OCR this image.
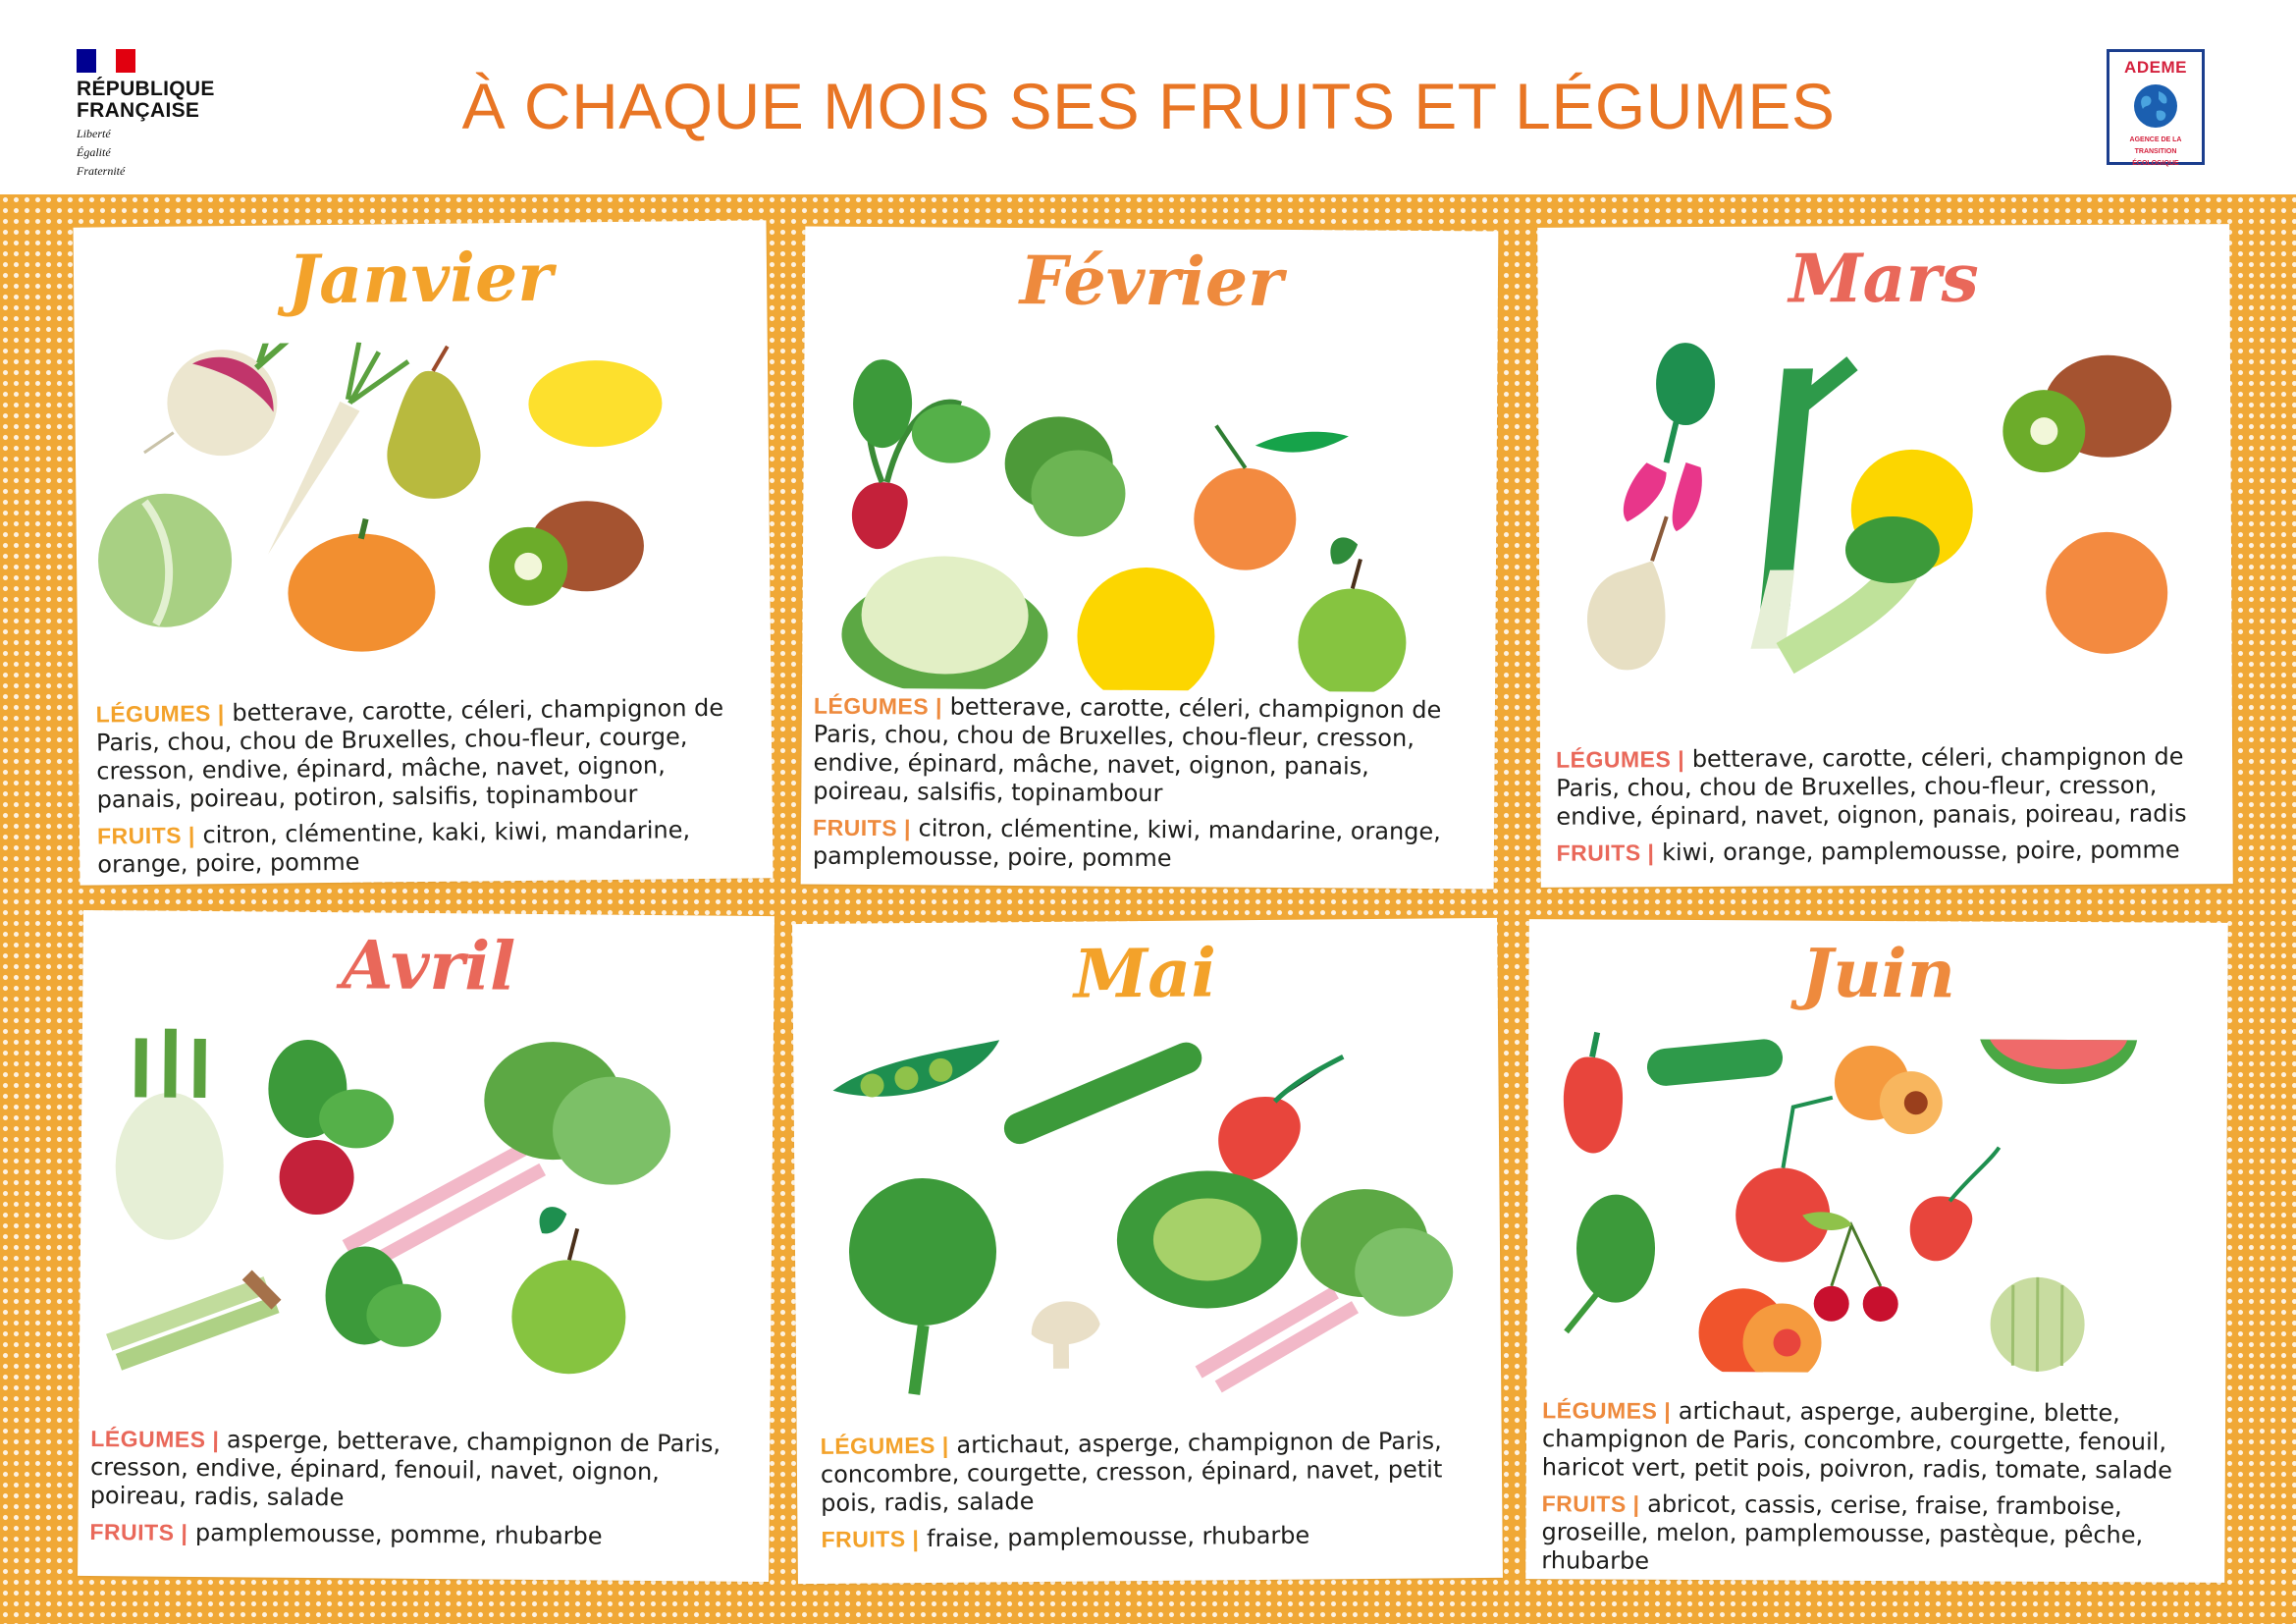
RÉPUBLIQUE
FRANÇAISE
Liberté
Égalité
Fraternité
À CHAQUE MOIS SES FRUITS ET LÉGUMES
ADEME
AGENCE DE LA
TRANSITION
ÉCOLOGIQUE
Janvier

LÉGUMES | betterave, carotte, céleri, champignon de Paris, chou, chou de Bruxelles, chou-fleur, courge, cresson, endive, épinard, mâche, navet, oignon, panais, poireau, potiron, salsifis, topinambour

FRUITS | citron, clémentine, kaki, kiwi, mandarine, orange, poire, pomme

Février

LÉGUMES | betterave, carotte, céleri, champignon de Paris, chou, chou de Bruxelles, chou-fleur, cresson, endive, épinard, mâche, navet, oignon, panais, poireau, salsifis, topinambour

FRUITS | citron, clémentine, kiwi, mandarine, orange, pamplemousse, poire, pomme

Mars

LÉGUMES | betterave, carotte, céleri, champignon de Paris, chou, chou de Bruxelles, chou-fleur, cresson, endive, épinard, navet, oignon, panais, poireau, radis

FRUITS | kiwi, orange, pamplemousse, poire, pomme

Avril

LÉGUMES | asperge, betterave, champignon de Paris, cresson, endive, épinard, fenouil, navet, oignon, poireau, radis, salade

FRUITS | pamplemousse, pomme, rhubarbe

Mai

LÉGUMES | artichaut, asperge, champignon de Paris, concombre, courgette, cresson, épinard, navet, petit pois, radis, salade

FRUITS | fraise, pamplemousse, rhubarbe

Juin

LÉGUMES | artichaut, asperge, aubergine, blette, champignon de Paris, concombre, courgette, fenouil, haricot vert, petit pois, poivron, radis, tomate, salade

FRUITS | abricot, cassis, cerise, fraise, framboise, groseille, melon, pamplemousse, pastèque, pêche, rhubarbe
